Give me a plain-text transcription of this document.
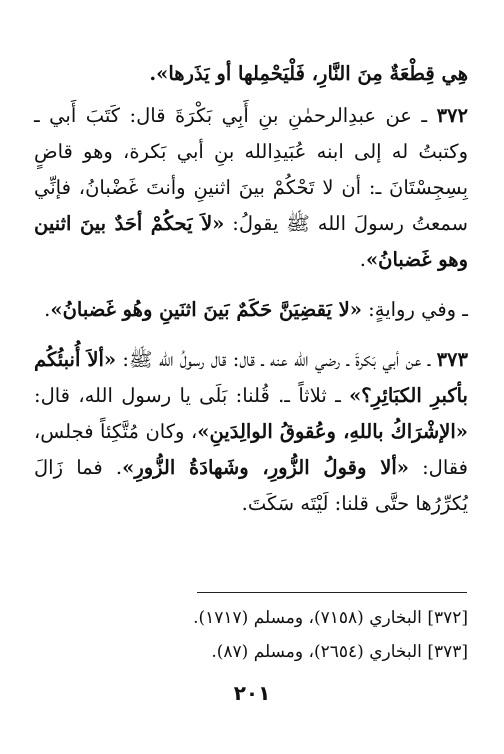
هِي قِطْعَةٌ مِنَ النَّارِ، فَلْيَحْمِلها أو يَذَرها».

٣٧٢ ـ عن عبدِالرحمٰنِ بنِ أَبِي بَكْرَةَ قال: كَتَبَ أَبي ـ وكتبتُ له إلى ابنه عُبَيدِالله بنِ أبي بَكرة، وهو قاضٍ بِسِجِسْتَانَ ـ: أن لا تَحْكُمْ بينَ اثنينِ وأنتَ غَضْبانُ، فإنِّي سمعتُ رسولَ الله ﷺ يقولُ: «لاَ يَحكُمْ أحَدٌ بينَ اثنين وهو غَضبانُ».

ـ وفي روايةٍ: «لا يَقضِيَنَّ حَكَمٌ بَينَ اثنَينِ وهُو غَضبانُ».

٣٧٣ ـ عن أبي بَكرةَ ـ رضي الله عنه ـ قال: قال رسولُ الله ﷺ: «ألاَ أُنبئُكُم بأكبرِ الكبَائِرِ؟» ـ ثلاثاً ـ. قُلنا: بَلَى يا رسول الله، قال: «الإشْرَاكُ باللهِ، وعُقوقُ الوالِدَينِ»، وكان مُتَّكِئاً فجلس، فقال: «ألا وقولُ الزُّورِ، وشَهادَةُ الزُّورِ». فما زَالَ يُكرِّرُها حتَّى قلنا: لَيْتَه سَكَتَ.

[٣٧٢] البخاري (٧١٥٨)، ومسلم (١٧١٧).

[٣٧٣] البخاري (٢٦٥٤)، ومسلم (٨٧).

٢٠١
